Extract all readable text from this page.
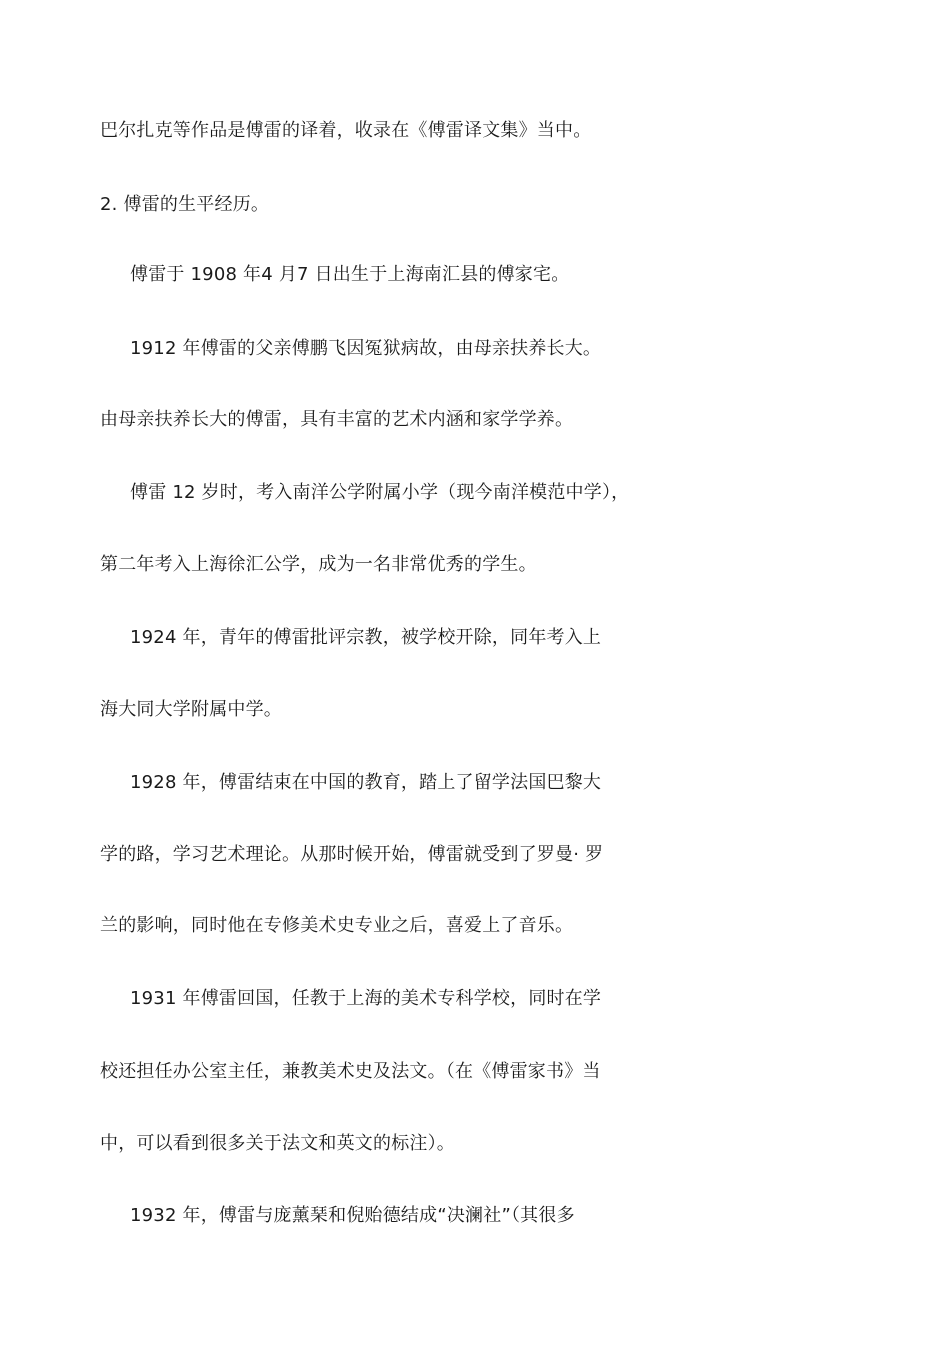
巴尔扎克等作品是傅雷的译着，收录在《傅雷译文集》当中。
2. 傅雷的生平经历。
傅雷于 1908 年4 月7 日出生于上海南汇县的傅家宅。
1912 年傅雷的父亲傅鹏飞因冤狱病故，由母亲扶养长大。
由母亲扶养长大的傅雷，具有丰富的艺术内涵和家学学养。
傅雷 12 岁时，考入南洋公学附属小学（现今南洋模范中学），
第二年考入上海徐汇公学，成为一名非常优秀的学生。
1924 年，青年的傅雷批评宗教，被学校开除，同年考入上
海大同大学附属中学。
1928 年，傅雷结束在中国的教育，踏上了留学法国巴黎大
学的路，学习艺术理论。从那时候开始，傅雷就受到了罗曼· 罗
兰的影响，同时他在专修美术史专业之后，喜爱上了音乐。
1931 年傅雷回国，任教于上海的美术专科学校，同时在学
校还担任办公室主任，兼教美术史及法文。（在《傅雷家书》当
中，可以看到很多关于法文和英文的标注）。
1932 年，傅雷与庞薰琹和倪贻德结成“决澜社”（其很多
